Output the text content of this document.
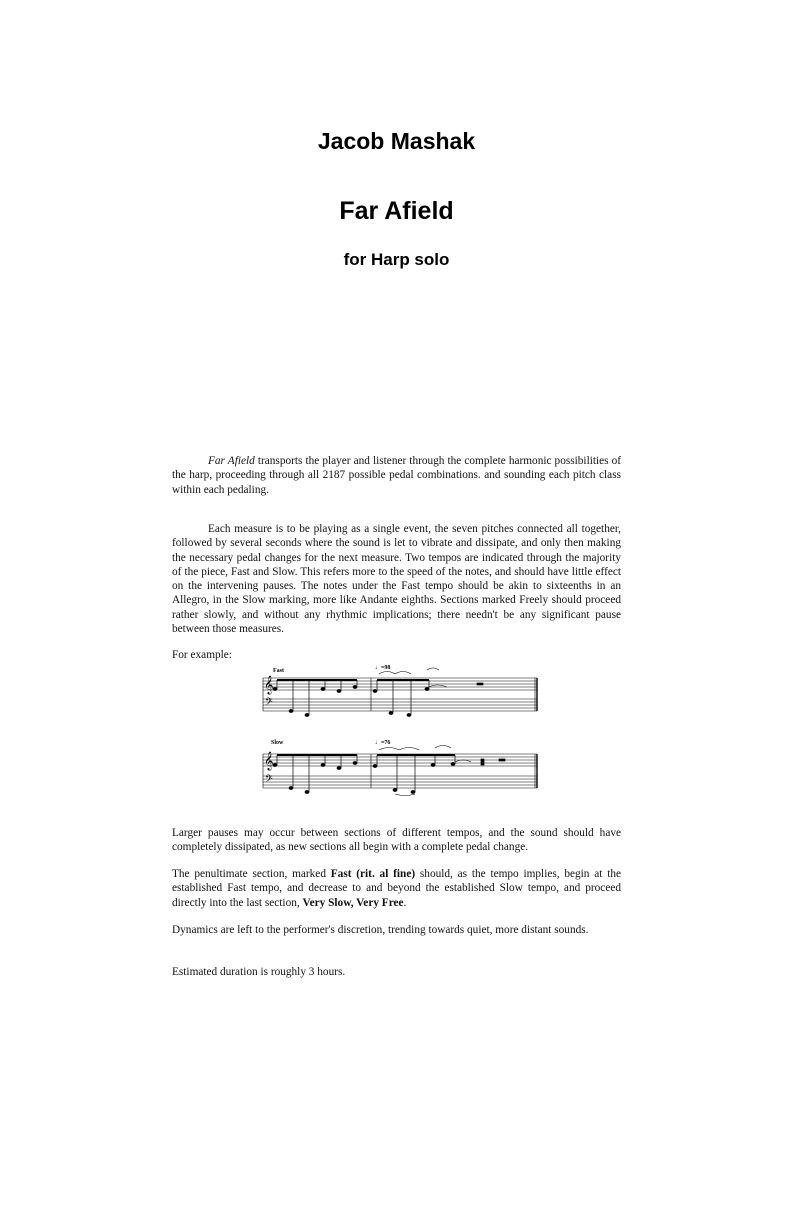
Jacob Mashak
Far Afield
for Harp solo

Far Afield transports the player and listener through the complete harmonic possibilities of the harp, proceeding through all 2187 possible pedal combinations. and sounding each pitch class within each pedaling.

Each measure is to be playing as a single event, the seven pitches connected all together, followed by several seconds where the sound is let to vibrate and dissipate, and only then making the necessary pedal changes for the next measure. Two tempos are indicated through the majority of the piece, Fast and Slow. This refers more to the speed of the notes, and should have little effect on the intervening pauses. The notes under the Fast tempo should be akin to sixteenths in an Allegro, in the Slow marking, more like Andante eighths. Sections marked Freely should proceed rather slowly, and without any rhythmic implications; there needn't be any significant pause between those measures.

For example:

Fast	♩=98
𝄞
𝄢
Slow	♩=76
𝄞
𝄢

Larger pauses may occur between sections of different tempos, and the sound should have completely dissipated, as new sections all begin with a complete pedal change.

The penultimate section, marked Fast (rit. al fine) should, as the tempo implies, begin at the established Fast tempo, and decrease to and beyond the established Slow tempo, and proceed directly into the last section, Very Slow, Very Free.

Dynamics are left to the performer's discretion, trending towards quiet, more distant sounds.

Estimated duration is roughly 3 hours.
